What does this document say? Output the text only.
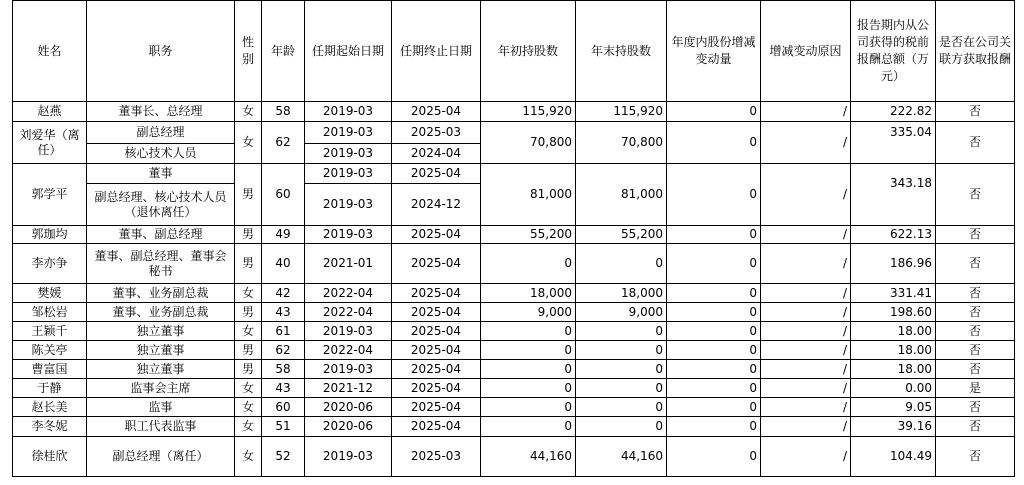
姓名	职务	性别	年龄	任期起始日期	任期终止日期	年初持股数	年末持股数	年度内股份增减变动量	增减变动原因	报告期内从公司获得的税前报酬总额（万元）	是否在公司关联方获取报酬
赵燕	董事长、总经理	女	58	2019-03	2025-04	115,920	115,920	0	/	222.82	否
刘爱华（离任）	副总经理	女	62	2019-03	2025-03	70,800	70,800	0	/	335.04	否
	核心技术人员			2019-03	2024-04						
郭学平	董事	男	60	2019-03	2025-04	81,000	81,000	0	/	343.18	否
	副总经理、核心技术人员（退休离任）			2019-03	2024-12						
郭珈均	董事、副总经理	男	49	2019-03	2025-04	55,200	55,200	0	/	622.13	否
李亦争	董事、副总经理、董事会秘书	男	40	2021-01	2025-04	0	0	0	/	186.96	否
樊媛	董事、业务副总裁	女	42	2022-04	2025-04	18,000	18,000	0	/	331.41	否
邹松岩	董事、业务副总裁	男	43	2022-04	2025-04	9,000	9,000	0	/	198.60	否
王颖千	独立董事	女	61	2019-03	2025-04	0	0	0	/	18.00	否
陈关亭	独立董事	男	62	2022-04	2025-04	0	0	0	/	18.00	否
曹富国	独立董事	男	58	2019-03	2025-04	0	0	0	/	18.00	否
于静	监事会主席	女	43	2021-12	2025-04	0	0	0	/	0.00	是
赵长美	监事	女	60	2020-06	2025-04	0	0	0	/	9.05	否
李冬妮	职工代表监事	女	51	2020-06	2025-04	0	0	0	/	39.16	否
徐桂欣	副总经理（离任）	女	52	2019-03	2025-03	44,160	44,160	0	/	104.49	否
